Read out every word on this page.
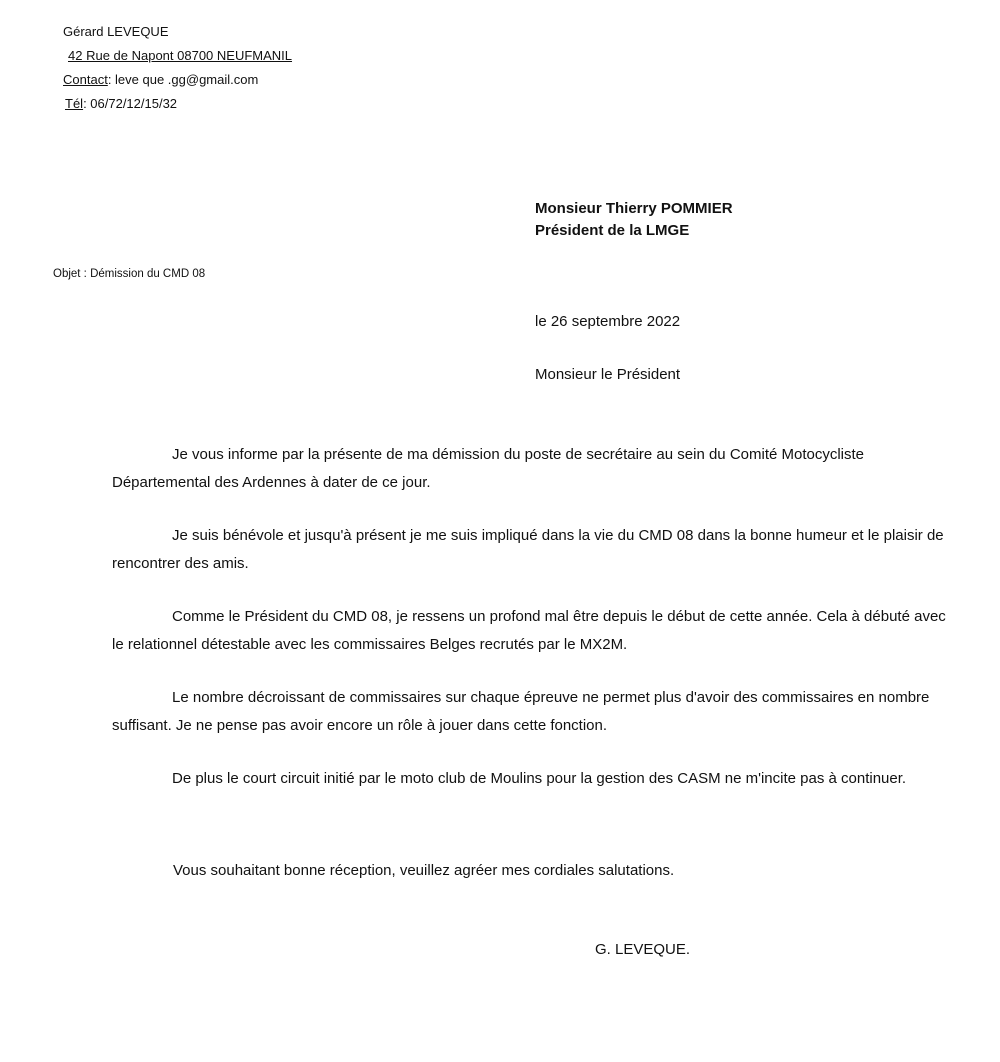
Gérard LEVEQUE
42 Rue de Napont 08700 NEUFMANIL
Contact: leve que .gg@gmail.com
Tél: 06/72/12/15/32
Monsieur Thierry POMMIER
Président de la LMGE
Objet : Démission du CMD 08
le 26 septembre 2022
Monsieur le Président

Je vous informe par la présente de ma démission du poste de secrétaire au sein du Comité Motocycliste Départemental des Ardennes à dater de ce jour.

Je suis bénévole et jusqu'à présent je me suis impliqué dans la vie du CMD 08 dans la bonne humeur et le plaisir de rencontrer des amis.

Comme le Président du CMD 08, je ressens un profond mal être depuis le début de cette année. Cela à débuté avec le relationnel détestable avec les commissaires Belges recrutés par le MX2M.

Le nombre décroissant de commissaires sur chaque épreuve ne permet plus d'avoir des commissaires en nombre suffisant. Je ne pense pas avoir encore un rôle à jouer dans cette fonction.

De plus le court circuit initié par le moto club de Moulins pour la gestion des CASM ne m'incite pas à continuer.

Vous souhaitant bonne réception, veuillez agréer mes cordiales salutations.
G. LEVEQUE.
